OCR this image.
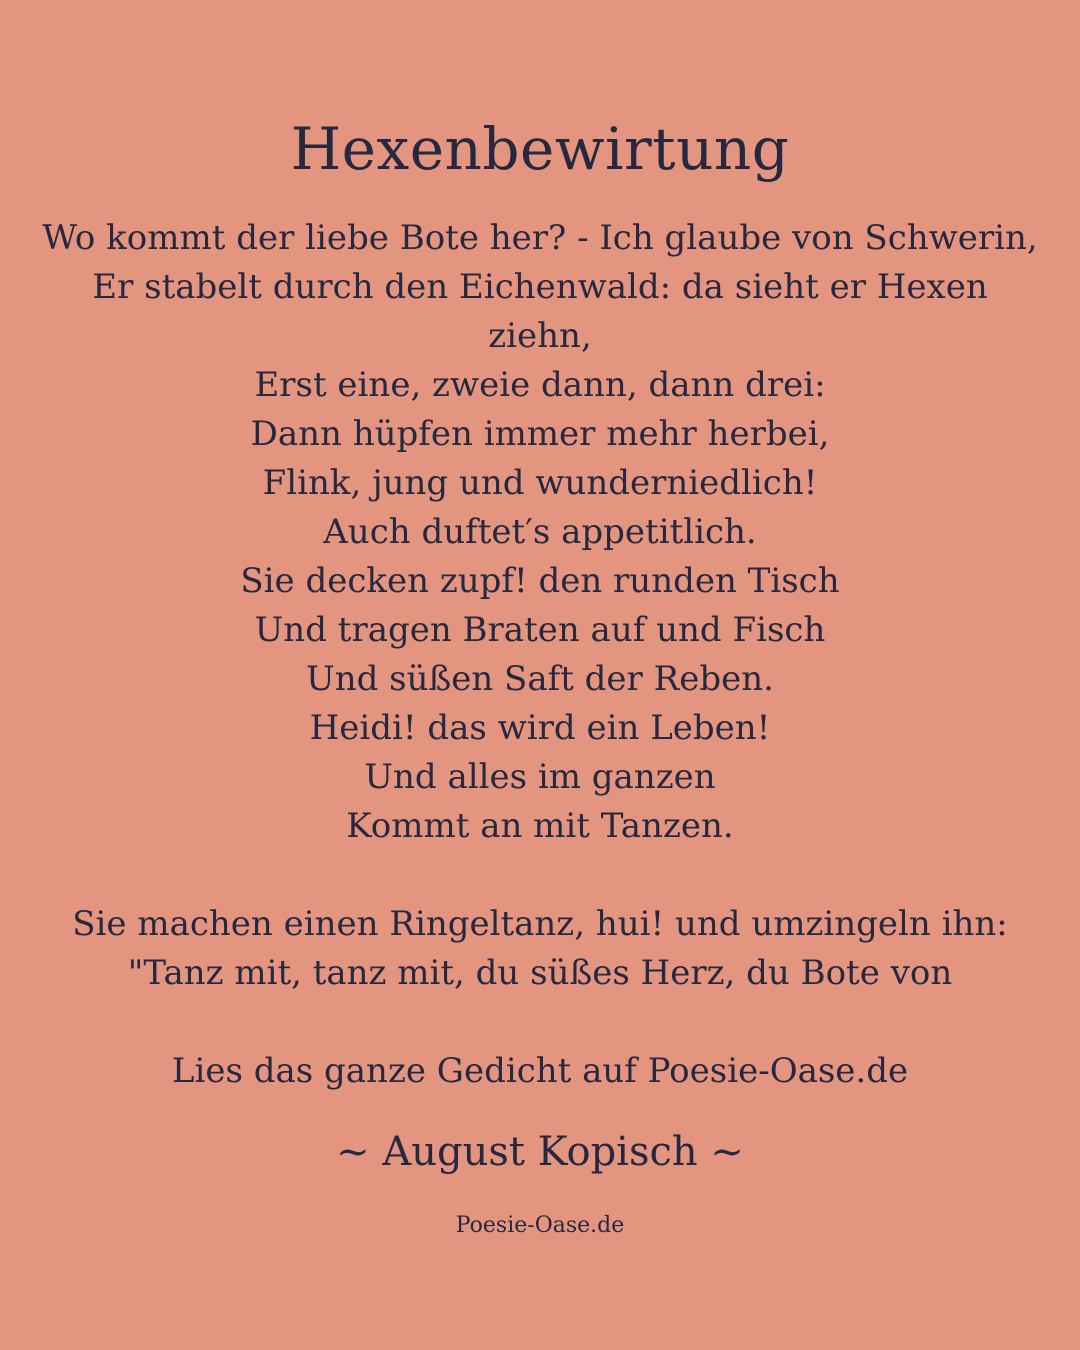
Hexenbewirtung
Wo kommt der liebe Bote her? - Ich glaube von Schwerin,
Er stabelt durch den Eichenwald: da sieht er Hexen
ziehn,
Erst eine, zweie dann, dann drei:
Dann hüpfen immer mehr herbei,
Flink, jung und wunderniedlich!
Auch duftet′s appetitlich.
Sie decken zupf! den runden Tisch
Und tragen Braten auf und Fisch
Und süßen Saft der Reben.
Heidi! das wird ein Leben!
Und alles im ganzen
Kommt an mit Tanzen.
Sie machen einen Ringeltanz, hui! und umzingeln ihn:
"Tanz mit, tanz mit, du süßes Herz, du Bote von

Lies das ganze Gedicht auf Poesie-Oase.de

~ August Kopisch ~

Poesie-Oase.de
